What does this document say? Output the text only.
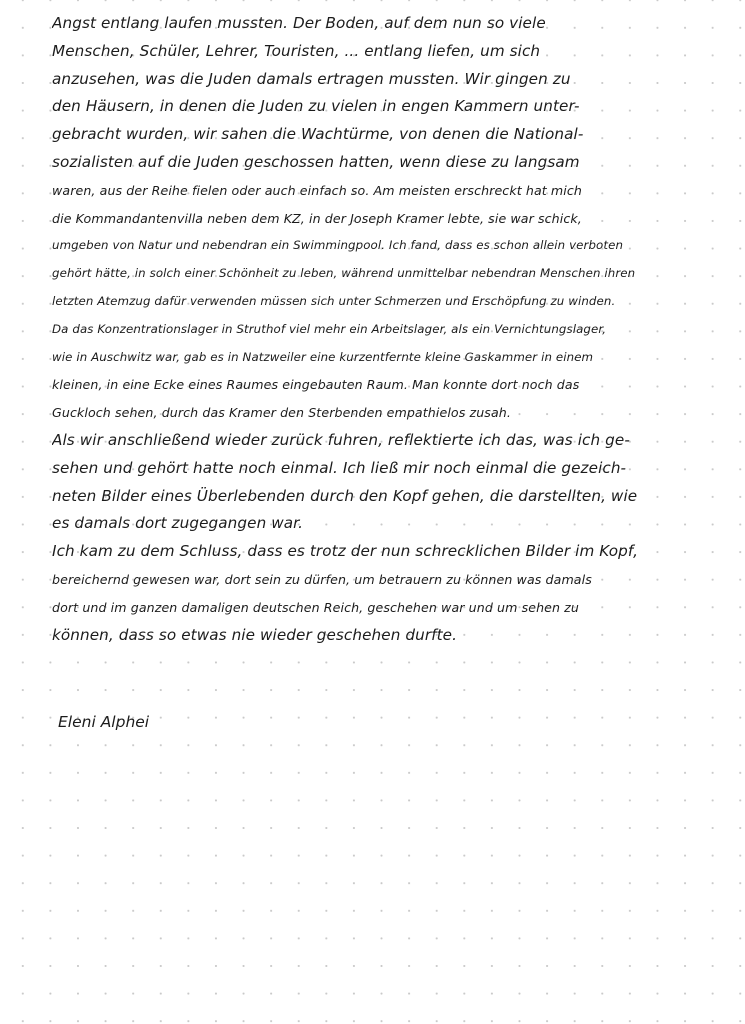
Angst entlang laufen mussten. Der Boden, auf dem nun so viele
Menschen, Schüler, Lehrer, Touristen, ... entlang liefen, um sich
anzusehen, was die Juden damals ertragen mussten. Wir gingen zu
den Häusern, in denen die Juden zu vielen in engen Kammern unter-
gebracht wurden, wir sahen die Wachtürme, von denen die National-
sozialisten auf die Juden geschossen hatten, wenn diese zu langsam
waren, aus der Reihe fielen oder auch einfach so. Am meisten erschreckt hat mich
die Kommandantenvilla neben dem KZ, in der Joseph Kramer lebte, sie war schick,
umgeben von Natur und nebendran ein Swimmingpool. Ich fand, dass es schon allein verboten
gehört hätte, in solch einer Schönheit zu leben, während unmittelbar nebendran Menschen ihren
letzten Atemzug dafür verwenden müssen sich unter Schmerzen und Erschöpfung zu winden.
Da das Konzentrationslager in Struthof viel mehr ein Arbeitslager, als ein Vernichtungslager,
wie in Auschwitz war, gab es in Natzweiler eine kurzentfernte kleine Gaskammer in einem
kleinen, in eine Ecke eines Raumes eingebauten Raum. Man konnte dort noch das
Guckloch sehen, durch das Kramer den Sterbenden empathielos zusah.
Als wir anschließend wieder zurück fuhren, reflektierte ich das, was ich ge-
sehen und gehört hatte noch einmal. Ich ließ mir noch einmal die gezeich-
neten Bilder eines Überlebenden durch den Kopf gehen, die darstellten, wie
es damals dort zugegangen war.
Ich kam zu dem Schluss, dass es trotz der nun schrecklichen Bilder im Kopf,
bereichernd gewesen war, dort sein zu dürfen, um betrauern zu können was damals
dort und im ganzen damaligen deutschen Reich, geschehen war und um sehen zu
können, dass so etwas nie wieder geschehen durfte.
Eleni Alphei
